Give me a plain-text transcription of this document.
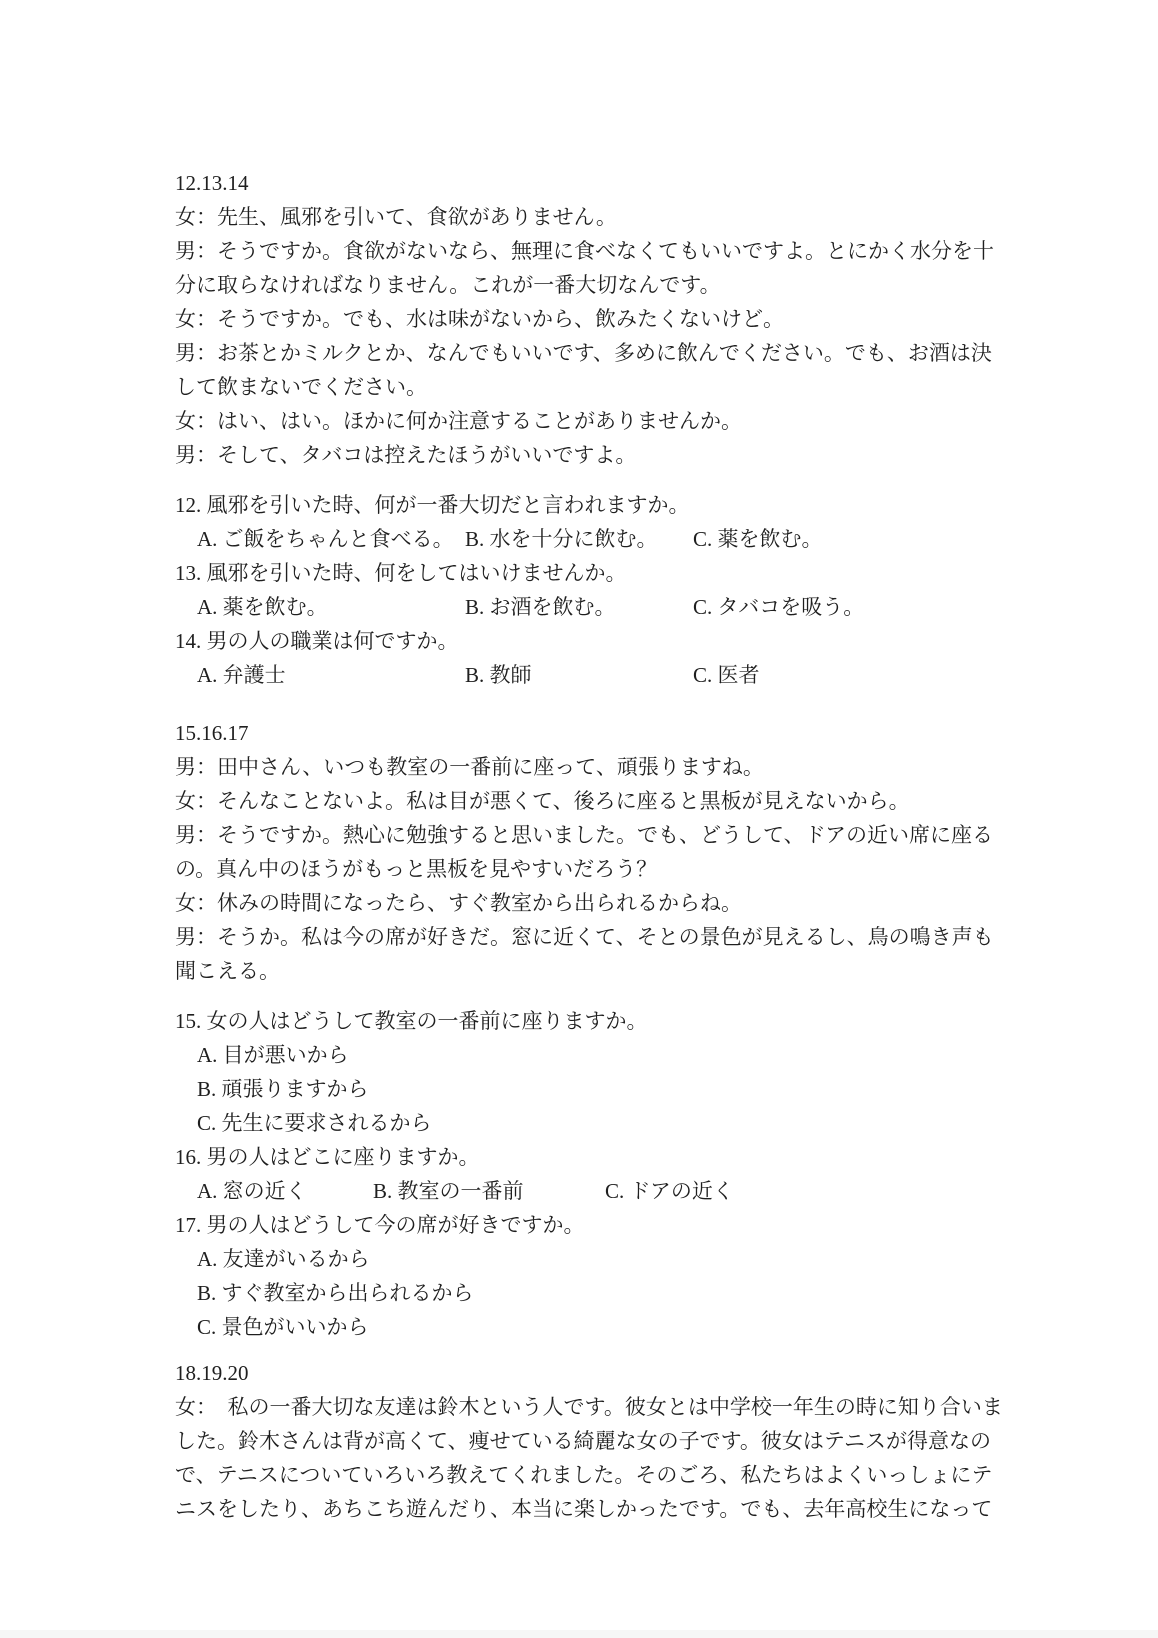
12.13.14
女：先生、風邪を引いて、食欲がありません。
男：そうですか。食欲がないなら、無理に食べなくてもいいですよ。とにかく水分を十
分に取らなければなりません。これが一番大切なんです。
女：そうですか。でも、水は味がないから、飲みたくないけど。
男：お茶とかミルクとか、なんでもいいです、多めに飲んでください。でも、お酒は決
して飲まないでください。
女：はい、はい。ほかに何か注意することがありませんか。
男：そして、タバコは控えたほうがいいですよ。
12. 風邪を引いた時、何が一番大切だと言われますか。
A. ご飯をちゃんと食べる。 B. 水を十分に飲む。	C. 薬を飲む。
13. 風邪を引いた時、何をしてはいけませんか。
A. 薬を飲む。	B. お酒を飲む。	C. タバコを吸う。
14. 男の人の職業は何ですか。
A. 弁護士	B. 教師	C. 医者
15.16.17
男：田中さん、いつも教室の一番前に座って、頑張りますね。
女：そんなことないよ。私は目が悪くて、後ろに座ると黒板が見えないから。
男：そうですか。熱心に勉強すると思いました。でも、どうして、ドアの近い席に座る
の。真ん中のほうがもっと黒板を見やすいだろう？
女：休みの時間になったら、すぐ教室から出られるからね。
男：そうか。私は今の席が好きだ。窓に近くて、そとの景色が見えるし、鳥の鳴き声も
聞こえる。
15. 女の人はどうして教室の一番前に座りますか。
A. 目が悪いから
B. 頑張りますから
C. 先生に要求されるから
16. 男の人はどこに座りますか。
A. 窓の近く	B. 教室の一番前	C. ドアの近く
17. 男の人はどうして今の席が好きですか。
A. 友達がいるから
B. すぐ教室から出られるから
C. 景色がいいから
18.19.20
女：　私の一番大切な友達は鈴木という人です。彼女とは中学校一年生の時に知り合いま
した。鈴木さんは背が高くて、痩せている綺麗な女の子です。彼女はテニスが得意なの
で、テニスについていろいろ教えてくれました。そのごろ、私たちはよくいっしょにテ
ニスをしたり、あちこち遊んだり、本当に楽しかったです。でも、去年高校生になって
